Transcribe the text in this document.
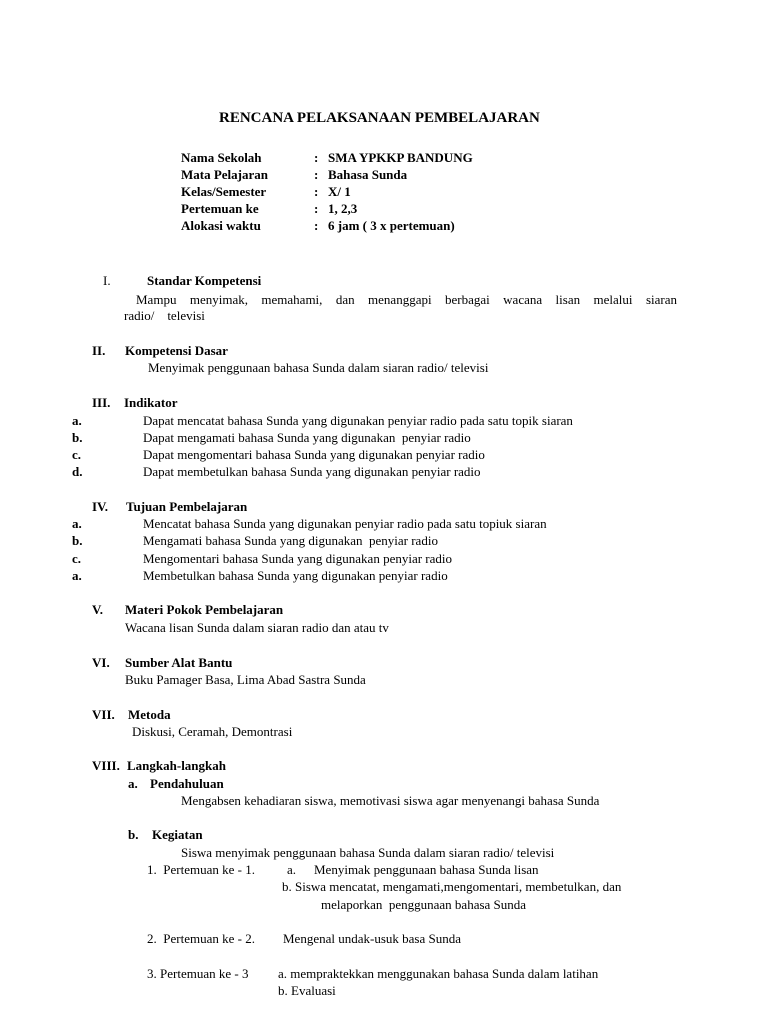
RENCANA PELAKSANAAN PEMBELAJARAN
Nama Sekolah	: SMA YPKKP BANDUNG
Mata Pelajaran	: Bahasa Sunda
Kelas/Semester	: X/ 1
Pertemuan ke	: 1, 2,3
Alokasi waktu	: 6 jam ( 3 x pertemuan)
I.	Standar Kompetensi
Mampu menyimak, memahami, dan menanggapi berbagai wacana lisan melalui siaran
radio/    televisi
II. Kompetensi Dasar
Menyimak penggunaan bahasa Sunda dalam siaran radio/ televisi
III. Indikator
a.	Dapat mencatat bahasa Sunda yang digunakan penyiar radio pada satu topik siaran
b.	Dapat mengamati bahasa Sunda yang digunakan  penyiar radio
c.	Dapat mengomentari bahasa Sunda yang digunakan penyiar radio
d.	Dapat membetulkan bahasa Sunda yang digunakan penyiar radio
IV. Tujuan Pembelajaran
a.	Mencatat bahasa Sunda yang digunakan penyiar radio pada satu topiuk siaran
b.	Mengamati bahasa Sunda yang digunakan  penyiar radio
c.	Mengomentari bahasa Sunda yang digunakan penyiar radio
a.	Membetulkan bahasa Sunda yang digunakan penyiar radio
V. Materi Pokok Pembelajaran
Wacana lisan Sunda dalam siaran radio dan atau tv
VI. Sumber Alat Bantu
Buku Pamager Basa, Lima Abad Sastra Sunda
VII. Metoda
Diskusi, Ceramah, Demontrasi
VIII. Langkah-langkah
a. Pendahuluan
Mengabsen kehadiaran siswa, memotivasi siswa agar menyenangi bahasa Sunda
b. Kegiatan
Siswa menyimak penggunaan bahasa Sunda dalam siaran radio/ televisi
1.  Pertemuan ke - 1. a. Menyimak penggunaan bahasa Sunda lisan
b. Siswa mencatat, mengamati,mengomentari, membetulkan, dan
melaporkan  penggunaan bahasa Sunda
2.  Pertemuan ke - 2. Mengenal undak-usuk basa Sunda
3. Pertemuan ke - 3 a. mempraktekkan menggunakan bahasa Sunda dalam latihan
b. Evaluasi
